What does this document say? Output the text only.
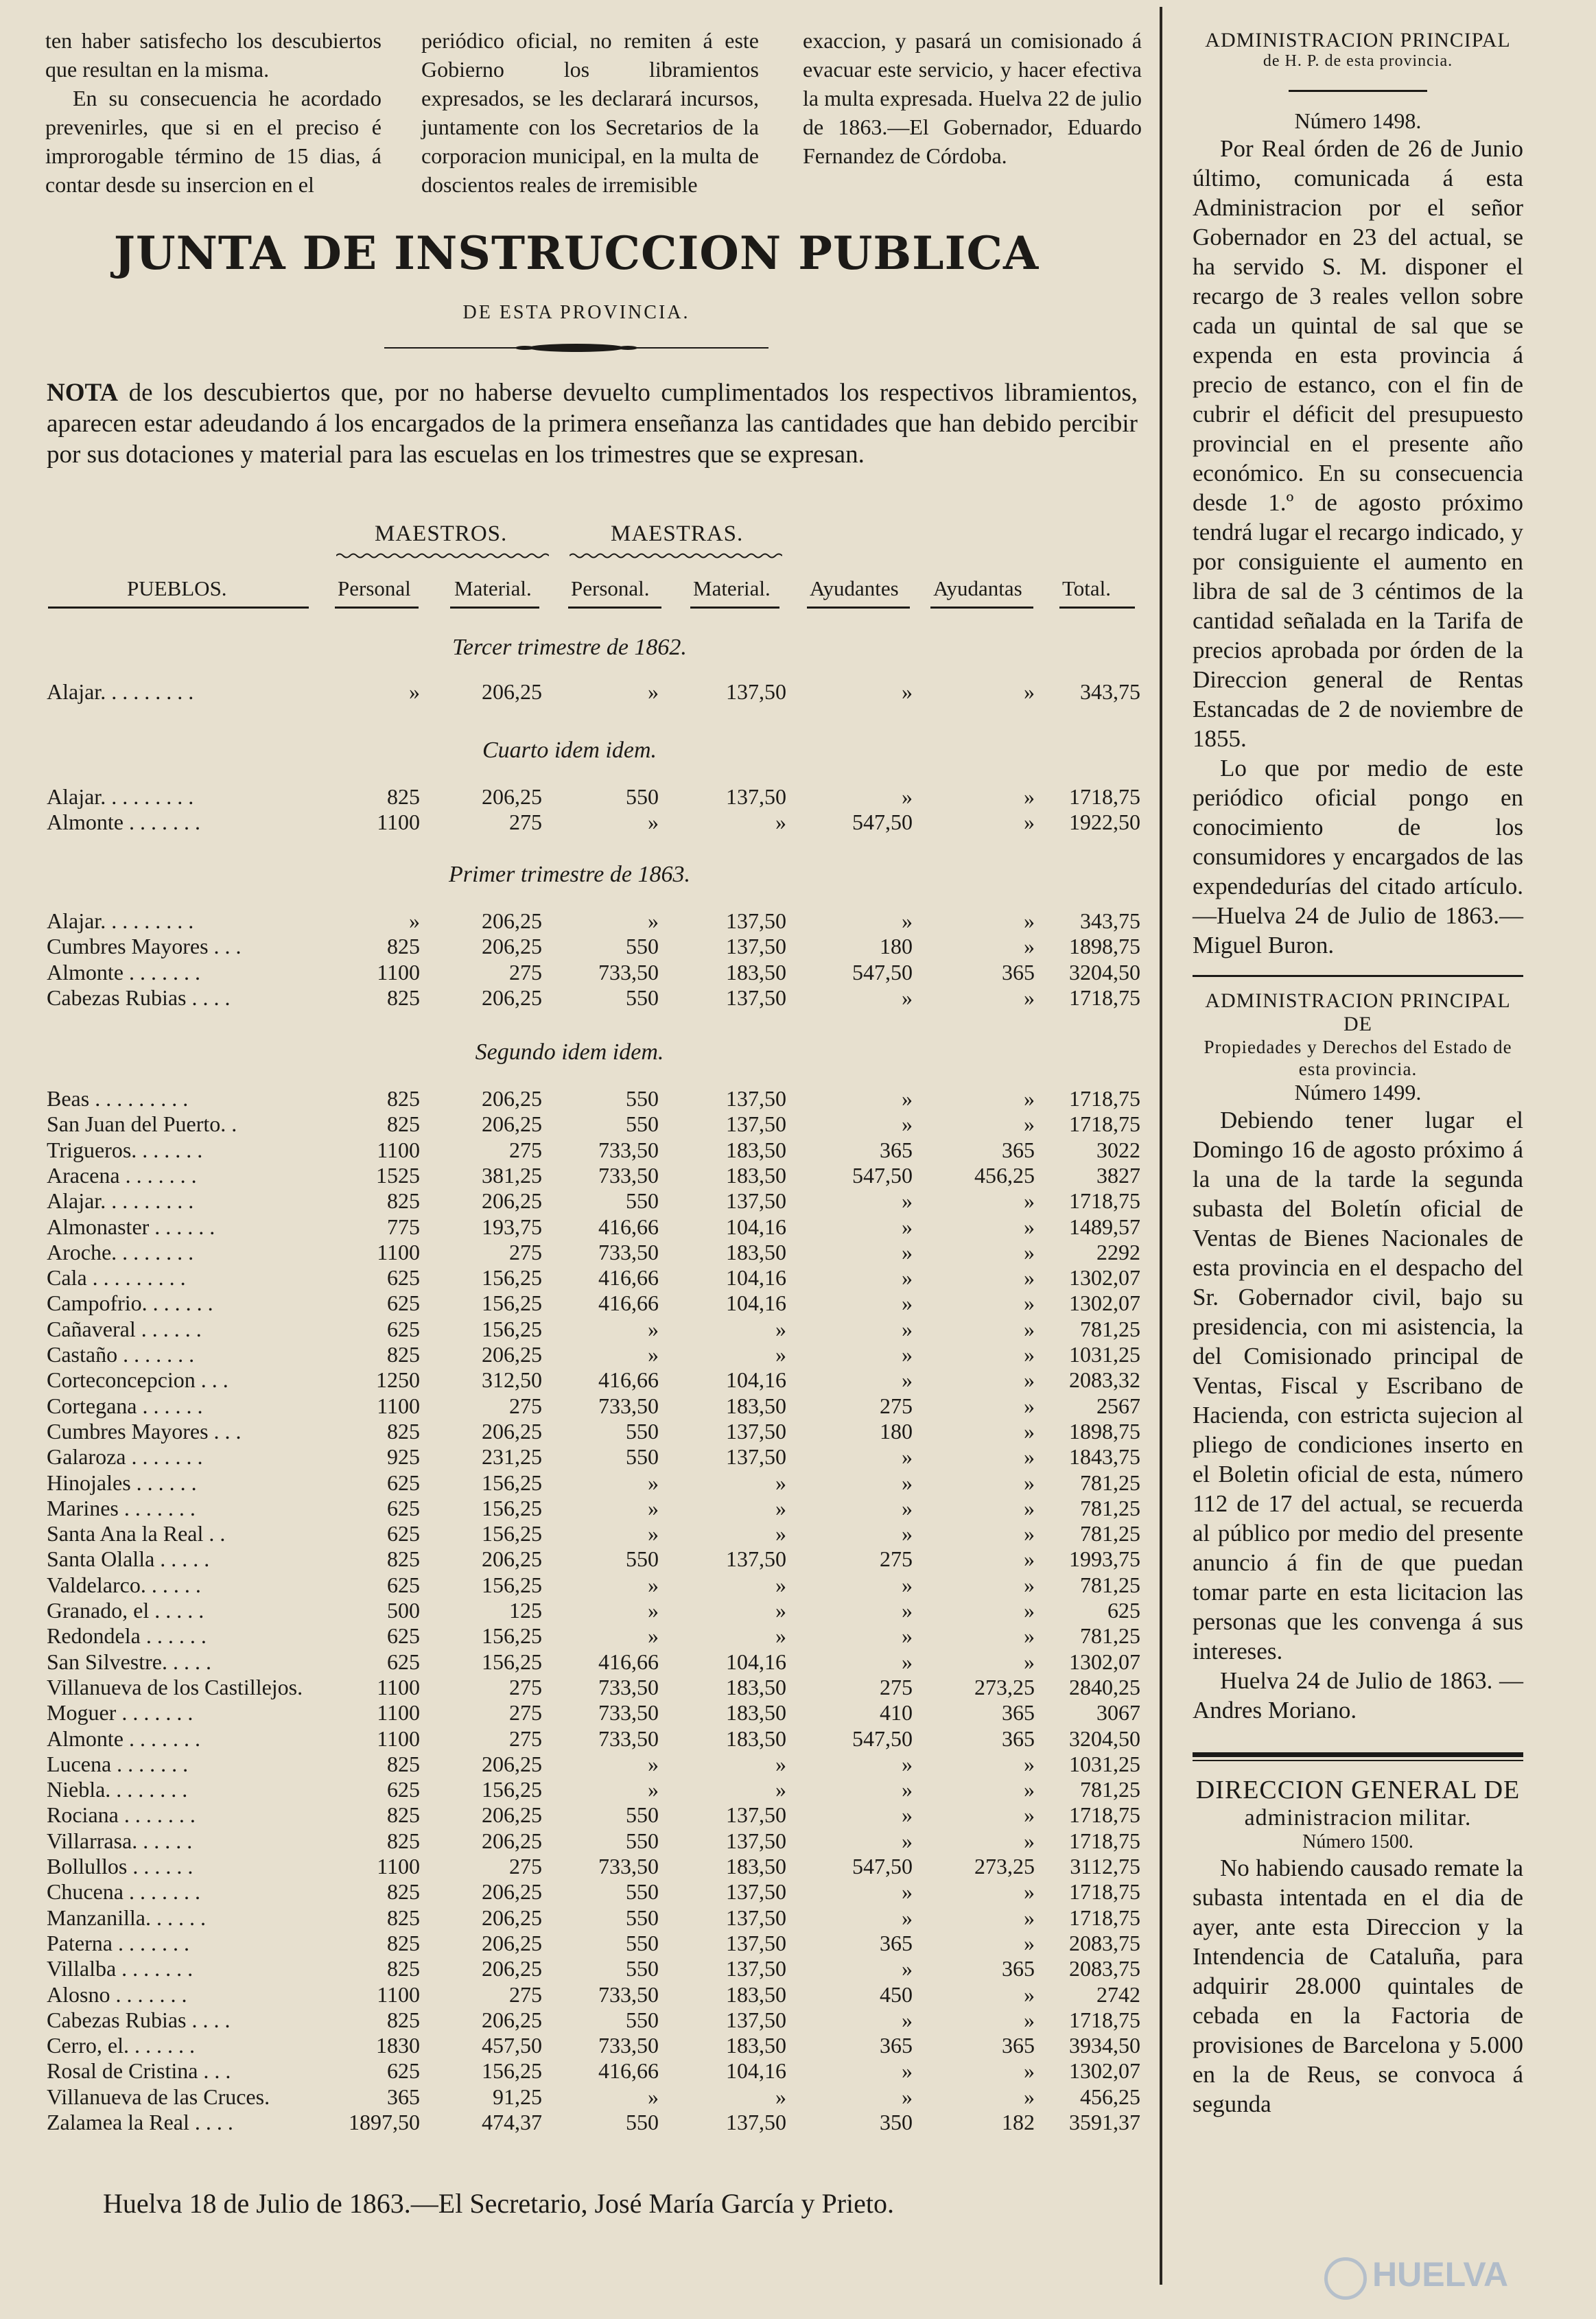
ten haber satisfecho los descubiertos que resultan en la misma.

En su consecuencia he acordado prevenirles, que si en el preciso é improrogable término de 15 dias, á contar desde su insercion en el

periódico oficial, no remiten á este Gobierno los libramientos expresados, se les declarará incursos, juntamente con los Secretarios de la corporacion municipal, en la multa de doscientos reales de irremisible

exaccion, y pasará un comisionado á evacuar este servicio, y hacer efectiva la multa expresada. Huelva 22 de julio de 1863.—El Gobernador, Eduardo Fernandez de Córdoba.

JUNTA DE INSTRUCCION PUBLICA
DE ESTA PROVINCIA.
NOTA de los descubiertos que, por no haberse devuelto cumplimentados los respectivos libramientos, aparecen estar adeudando á los encargados de la primera enseñanza las cantidades que han debido percibir por sus dotaciones y material para las escuelas en los trimestres que se expresan.
MAESTROS.	MAESTRAS.
PUEBLOS.	Personal Material. Personal. Material. Ayudantes Ayudantas Total.
Tercer trimestre de 1862.
Alajar. . . . . . . . .	»	206,25	»	137,50	»	» 343,75
Cuarto idem idem.
Alajar. . . . . . . . .	825	206,25	550	137,50	»	» 1718,75
Almonte . . . . . . .	1100	275	»	»	547,50	» 1922,50
Primer trimestre de 1863.
Alajar. . . . . . . . .	»	206,25	»	137,50	»	» 343,75
Cumbres Mayores . . .	825	206,25	550	137,50	180	» 1898,75
Almonte . . . . . . .	1100	275	733,50	183,50	547,50	365 3204,50
Cabezas Rubias . . . .	825	206,25	550	137,50	»	» 1718,75
Segundo idem idem.
Beas . . . . . . . . .	825	206,25	550	137,50	»	» 1718,75
San Juan del Puerto. .	825	206,25	550	137,50	»	» 1718,75
Trigueros. . . . . . .	1100	275	733,50	183,50	365	365	3022
Aracena . . . . . . .	1525	381,25	733,50	183,50	547,50	456,25	3827
Alajar. . . . . . . . .	825	206,25	550	137,50	»	» 1718,75
Almonaster . . . . . .	775	193,75	416,66	104,16	»	» 1489,57
Aroche. . . . . . . .	1100	275	733,50	183,50	»	»	2292
Cala . . . . . . . . .	625	156,25	416,66	104,16	»	» 1302,07
Campofrio. . . . . . .	625	156,25	416,66	104,16	»	» 1302,07
Cañaveral . . . . . .	625	156,25	»	»	»	» 781,25
Castaño . . . . . . .	825	206,25	»	»	»	» 1031,25
Corteconcepcion . . .	1250	312,50	416,66	104,16	»	» 2083,32
Cortegana . . . . . .	1100	275	733,50	183,50	275	»	2567
Cumbres Mayores . . .	825	206,25	550	137,50	180	» 1898,75
Galaroza . . . . . . .	925	231,25	550	137,50	»	» 1843,75
Hinojales . . . . . .	625	156,25	»	»	»	» 781,25
Marines . . . . . . .	625	156,25	»	»	»	» 781,25
Santa Ana la Real . .	625	156,25	»	»	»	» 781,25
Santa Olalla . . . . .	825	206,25	550	137,50	275	» 1993,75
Valdelarco. . . . . .	625	156,25	»	»	»	» 781,25
Granado, el . . . . .	500	125	»	»	»	»	625
Redondela . . . . . .	625	156,25	»	»	»	» 781,25
San Silvestre. . . . .	625	156,25	416,66	104,16	»	» 1302,07
Villanueva de los Castillejos.	1100	275	733,50	183,50	275	273,25 2840,25
Moguer . . . . . . .	1100	275	733,50	183,50	410	365	3067
Almonte . . . . . . .	1100	275	733,50	183,50	547,50	365 3204,50
Lucena . . . . . . .	825	206,25	»	»	»	» 1031,25
Niebla. . . . . . . .	625	156,25	»	»	»	» 781,25
Rociana . . . . . . .	825	206,25	550	137,50	»	» 1718,75
Villarrasa. . . . . .	825	206,25	550	137,50	»	» 1718,75
Bollullos . . . . . .	1100	275	733,50	183,50	547,50	273,25 3112,75
Chucena . . . . . . .	825	206,25	550	137,50	»	» 1718,75
Manzanilla. . . . . .	825	206,25	550	137,50	»	» 1718,75
Paterna . . . . . . .	825	206,25	550	137,50	365	» 2083,75
Villalba . . . . . . .	825	206,25	550	137,50	»	365 2083,75
Alosno . . . . . . .	1100	275	733,50	183,50	450	»	2742
Cabezas Rubias . . . .	825	206,25	550	137,50	»	» 1718,75
Cerro, el. . . . . . .	1830	457,50	733,50	183,50	365	365 3934,50
Rosal de Cristina . . .	625	156,25	416,66	104,16	»	» 1302,07
Villanueva de las Cruces.	365	91,25	»	»	»	» 456,25
Zalamea la Real . . . .	1897,50	474,37	550	137,50	350	182 3591,37
Huelva 18 de Julio de 1863.—El Secretario, José María García y Prieto.
ADMINISTRACION PRINCIPAL
de H. P. de esta provincia.
Número 1498.

Por Real órden de 26 de Junio último, comunicada á esta Administracion por el señor Gobernador en 23 del actual, se ha servido S. M. disponer el recargo de 3 reales vellon sobre cada un quintal de sal que se expenda en esta provincia á precio de estanco, con el fin de cubrir el déficit del presupuesto provincial en el presente año económico. En su consecuencia desde 1.º de agosto próximo tendrá lugar el recargo indicado, y por consiguiente el aumento en libra de sal de 3 céntimos de la cantidad señalada en la Tarifa de precios aprobada por órden de la Direccion general de Rentas Estancadas de 2 de noviembre de 1855.

Lo que por medio de este periódico oficial pongo en conocimiento de los consumidores y encargados de las expendedurías del citado artículo.—Huelva 24 de Julio de 1863.—Miguel Buron.

ADMINISTRACION PRINCIPAL DE
Propiedades y Derechos del Estado de esta provincia.
Número 1499.

Debiendo tener lugar el Domingo 16 de agosto próximo á la una de la tarde la segunda subasta del Boletín oficial de Ventas de Bienes Nacionales de esta provincia en el despacho del Sr. Gobernador civil, bajo su presidencia, con mi asistencia, la del Comisionado principal de Ventas, Fiscal y Escribano de Hacienda, con estricta sujecion al pliego de condiciones inserto en el Boletin oficial de esta, número 112 de 17 del actual, se recuerda al público por medio del presente anuncio á fin de que puedan tomar parte en esta licitacion las personas que les convenga á sus intereses.

Huelva 24 de Julio de 1863. —Andres Moriano.

DIRECCION GENERAL DE
administracion militar.
Número 1500.

No habiendo causado remate la subasta intentada en el dia de ayer, ante esta Direccion y la Intendencia de Cataluña, para adquirir 28.000 quintales de cebada en la Factoria de provisiones de Barcelona y 5.000 en la de Reus, se convoca á segunda

HUELVA
